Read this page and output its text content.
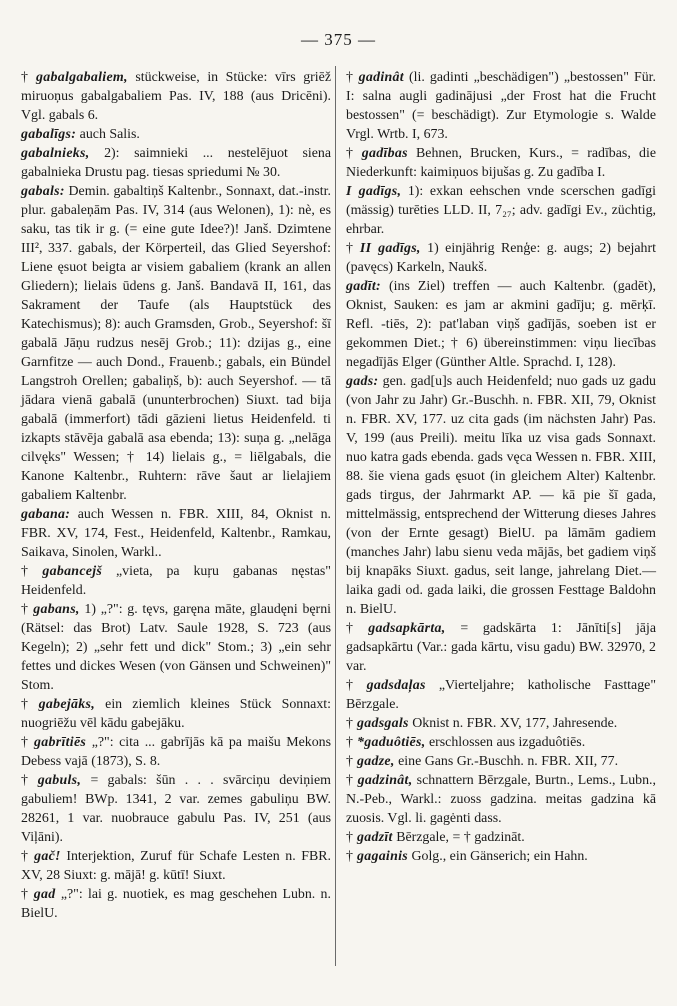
— 375 —
† gabalgabaliem, stückweise, in Stücke: vīrs griēž miruoņus gabalgabaliem Pas. IV, 188 (aus Dricēni). Vgl. gabals 6.
gabalīgs: auch Salis.
gabalnieks, 2): saimnieki ... nestelējuot siena gabalnieka Drustu pag. tiesas spriedumi № 30.
gabals: Demin. gabaltiņš Kaltenbr., Sonnaxt, dat.-instr. plur. gabaleņām Pas. IV, 314 (aus Welonen), 1): nè, es saku, tas tik ir g. (= eine gute Idee?)! Janš. Dzimtene III², 337. gabals, der Körperteil, das Glied Seyershof: Liene ęsuot beigta ar visiem gabaliem (krank an allen Gliedern); lielais ūdens g. Janš. Bandavā II, 161, das Sakrament der Taufe (als Hauptstück des Katechismus); 8): auch Gramsden, Grob., Seyershof: šī gabalā Jāņu rudzus nesēj Grob.; 11): dzijas g., eine Garnfitze — auch Dond., Frauenb.; gabals, ein Bündel Langstroh Orellen; gabaliņš, b): auch Seyershof. — tā jādara vienā gabalā (ununterbrochen) Siuxt. tad bija gabalā (immerfort) tādi gāzieni lietus Heidenfeld. ti izkapts stāvēja gabalā asa ebenda; 13): suņa g. „nelāga cilvęks" Wessen; † 14) lielais g., = liēlgabals, die Kanone Kaltenbr., Ruhtern: rāve šaut ar lielajiem gabaliem Kaltenbr.
gabana: auch Wessen n. FBR. XIII, 84, Oknist n. FBR. XV, 174, Fest., Heidenfeld, Kaltenbr., Ramkau, Saikava, Sinolen, Warkl..
† gabancejš „vieta, pa kuŗu gabanas nęstas" Heidenfeld.
† gabans, 1) „?": g. tęvs, garęna māte, glaudęni bęrni (Rätsel: das Brot) Latv. Saule 1928, S. 723 (aus Kegeln); 2) „sehr fett und dick" Stom.; 3) „ein sehr fettes und dickes Wesen (von Gänsen und Schweinen)" Stom.
† gabejāks, ein ziemlich kleines Stück Sonnaxt: nuogriēžu vēl kādu gabejāku.
† gabrītiēs „?": cita ... gabrījās kā pa maišu Mekons Debess vajā (1873), S. 8.
† gabuls, = gabals: šūn . . . svārciņu deviņiem gabuliem! BWp. 1341, 2 var. zemes gabuliņu BW. 28261, 1 var. nuobrauce gabulu Pas. IV, 251 (aus Viļāni).
† gač! Interjektion, Zuruf für Schafe Lesten n. FBR. XV, 28 Siuxt: g. mājā! g. kūtī! Siuxt.
† gad „?": lai g. nuotiek, es mag geschehen Lubn. n. BielU.
† gadinât (li. gadinti „beschädigen") „bestossen" Für. I: salna augli gadinājusi „der Frost hat die Frucht bestossen" (= beschädigt). Zur Etymologie s. Walde Vrgl. Wrtb. I, 673.
† gadības Behnen, Brucken, Kurs., = radības, die Niederkunft: kaimiņuos bijušas g. Zu gadība I.
I gadīgs, 1): exkan eehschen vnde scerschen gadīgi (mässig) turēties LLD. II, 7₂₇; adv. gadīgi Ev., züchtig, ehrbar.
† II gadīgs, 1) einjährig Renģe: g. augs; 2) bejahrt (pavęcs) Karkeln, Naukš.
gadīt: (ins Ziel) treffen — auch Kaltenbr. (gadēt), Oknist, Sauken: es jam ar akmini gadīju; g. mērķī. Refl. -tiēs, 2): pat'laban viņš gadījās, soeben ist er gekommen Diet.; † 6) übereinstimmen: viņu liecības negadījās Elger (Günther Altle. Sprachd. I, 128).
gads: gen. gad[u]s auch Heidenfeld; nuo gads uz gadu (von Jahr zu Jahr) Gr.-Buschh. n. FBR. XII, 79, Oknist n. FBR. XV, 177. uz cita gads (im nächsten Jahr) Pas. V, 199 (aus Preili). meitu līka uz visa gads Sonnaxt. nuo katra gads ebenda. gads vęca Wessen n. FBR. XIII, 88. šie viena gads ęsuot (in gleichem Alter) Kaltenbr. gads tirgus, der Jahrmarkt AP. — kā pie šī gada, mittelmässig, entsprechend der Witterung dieses Jahres (von der Ernte gesagt) BielU. pa lāmām gadiem (manches Jahr) labu sienu veda mājās, bet gadiem viņš bij knapāks Siuxt. gadus, seit lange, jahrelang Diet.— laika gadi od. gada laiki, die grossen Festtage Baldohn n. BielU.
† gadsapkārta, = gadskārta 1: Jānīti[s] jāja gadsapkārtu (Var.: gada kārtu, visu gadu) BW. 32970, 2 var.
† gadsdaļas „Vierteljahre; katholische Fasttage" Bērzgale.
† gadsgals Oknist n. FBR. XV, 177, Jahresende.
† *gaduôtiēs, erschlossen aus izgaduôtiēs.
† gadze, eine Gans Gr.-Buschh. n. FBR. XII, 77.
† gadzinât, schnattern Bērzgale, Burtn., Lems., Lubn., N.-Peb., Warkl.: zuoss gadzina. meitas gadzina kā zuosis. Vgl. li. gagėnti dass.
† gadzīt Bērzgale, = † gadzināt.
† gagainis Golg., ein Gänserich; ein Hahn.
